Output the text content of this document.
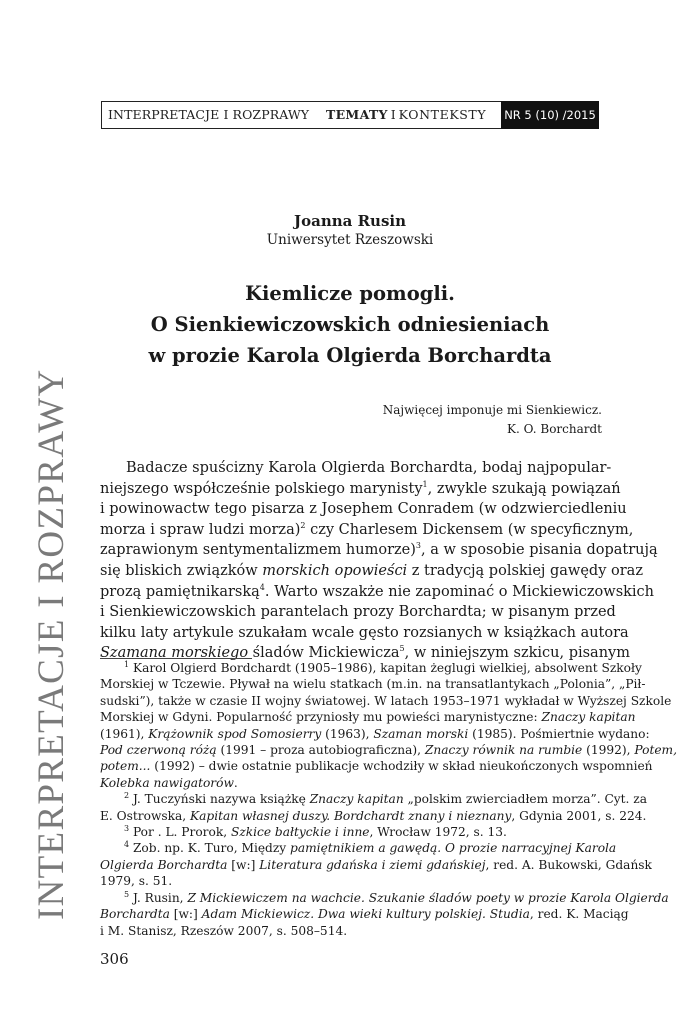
INTERPRETACJE I ROZPRAWY TEMATY I KONTEKSTY NR 5 (10) /2015
INTERPRETACJE I ROZPRAWY
Joanna Rusin
Uniwersytet Rzeszowski
Kiemlicze pomogli.
O Sienkiewiczowskich odniesieniach
w prozie Karola Olgierda Borchardta
Najwięcej imponuje mi Sienkiewicz.
K. O. Borchardt
Badacze spuścizny Karola Olgierda Borchardta, bodaj najpopular-
niejszego współcześnie polskiego marynisty$^1$, zwykle szukają powiązań
i powinowactw tego pisarza z Josephem Conradem (w odzwierciedleniu
morza i spraw ludzi morza)$^2$ czy Charlesem Dickensem (w specyficznym,
zaprawionym sentymentalizmem humorze)$^3$, a w sposobie pisania dopatrują
się bliskich związków morskich opowieści z tradycją polskiej gawędy oraz
prozą pamiętnikarską$^4$. Warto wszakże nie zapominać o Mickiewiczowskich
i Sienkiewiczowskich parantelach prozy Borchardta; w pisanym przed
kilku laty artykule szukałam wcale gęsto rozsianych w książkach autora
Szamana morskiego śladów Mickiewicza$^5$, w niniejszym szkicu, pisanym
$^1$ Karol Olgierd Bordchardt (1905–1986), kapitan żeglugi wielkiej, absolwent Szkoły
Morskiej w Tczewie. Pływał na wielu statkach (m.in. na transatlantykach „Polonia”, „Pił-
sudski”), także w czasie II wojny światowej. W latach 1953–1971 wykładał w Wyższej Szkole
Morskiej w Gdyni. Popularność przyniosły mu powieści marynistyczne: Znaczy kapitan
(1961), Krążownik spod Somosierry (1963), Szaman morski (1985). Pośmiertnie wydano:
Pod czerwoną różą (1991 – proza autobiograficzna), Znaczy równik na rumbie (1992), Potem,
potem... (1992) – dwie ostatnie publikacje wchodziły w skład nieukończonych wspomnień
Kolebka nawigatorów.
$^2$ J. Tuczyński nazywa książkę Znaczy kapitan „polskim zwierciadłem morza”. Cyt. za
E. Ostrowska, Kapitan własnej duszy. Bordchardt znany i nieznany, Gdynia 2001, s. 224.
$^3$ Por . L. Prorok, Szkice bałtyckie i inne, Wrocław 1972, s. 13.
$^4$ Zob. np. K. Turo, Między pamiętnikiem a gawędą. O prozie narracyjnej Karola
Olgierda Borchardta [w:] Literatura gdańska i ziemi gdańskiej, red. A. Bukowski, Gdańsk
1979, s. 51.
$^5$ J. Rusin, Z Mickiewiczem na wachcie. Szukanie śladów poety w prozie Karola Olgierda
Borchardta [w:] Adam Mickiewicz. Dwa wieki kultury polskiej. Studia, red. K. Maciąg
i M. Stanisz, Rzeszów 2007, s. 508–514.
306
